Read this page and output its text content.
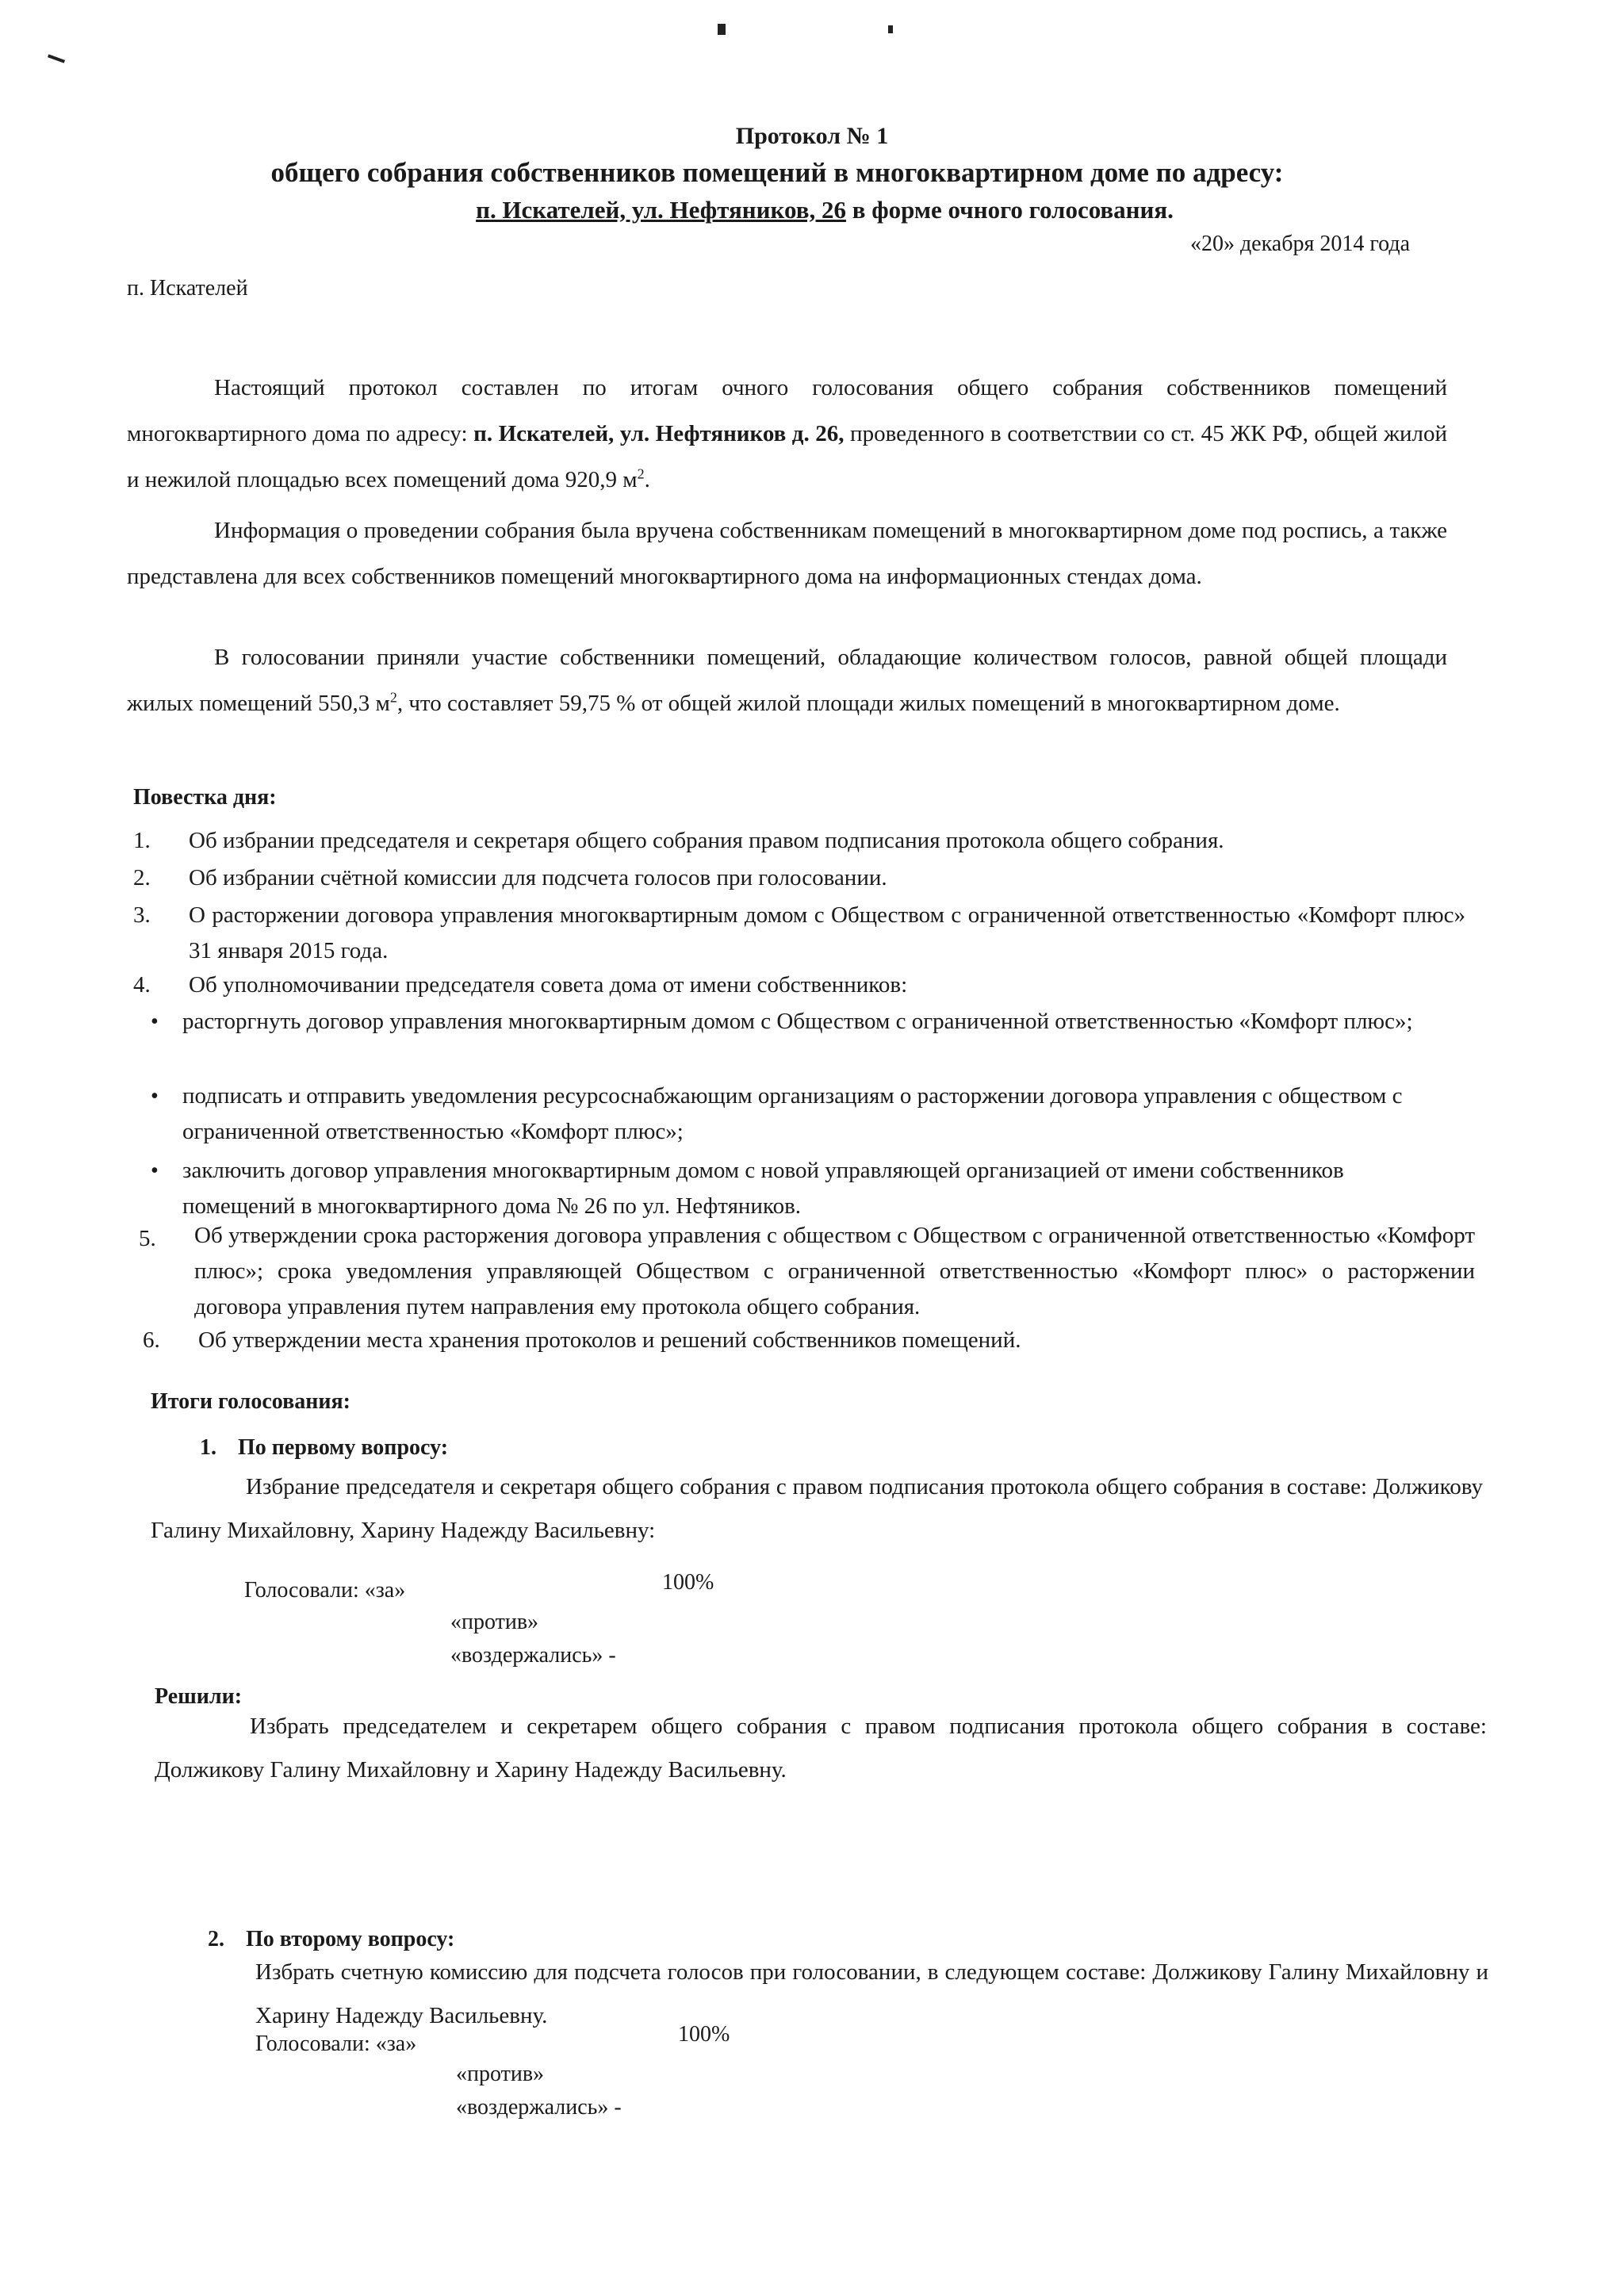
Протокол № 1
общего собрания собственников помещений в многоквартирном доме по адресу:
п. Искателей, ул. Нефтяников, 26 в форме очного голосования.
«20» декабря 2014 года
п. Искателей
Настоящий протокол составлен по итогам очного голосования общего собрания собственников помещений многоквартирного дома по адресу: п. Искателей, ул. Нефтяников д. 26, проведенного в соответствии со ст. 45 ЖК РФ, общей жилой и нежилой площадью всех помещений дома 920,9 $м^2$.
Информация о проведении собрания была вручена собственникам помещений в многоквартирном доме под роспись, а также представлена для всех собственников помещений многоквартирного дома на информационных стендах дома.
В голосовании приняли участие собственники помещений, обладающие количеством голосов, равной общей площади жилых помещений 550,3 $м^2$, что составляет 59,75 % от общей жилой площади жилых помещений в многоквартирном доме.
Повестка дня:
1.	Об избрании председателя и секретаря общего собрания правом подписания протокола общего собрания.
2.	Об избрании счётной комиссии для подсчета голосов при голосовании.
3.	О расторжении договора управления многоквартирным домом с Обществом с ограниченной ответственностью «Комфорт плюс» 31 января 2015 года.
4.	Об уполномочивании председателя совета дома от имени собственников:
• расторгнуть договор управления многоквартирным домом с Обществом с ограниченной ответственностью «Комфорт плюс»;
• подписать и отправить уведомления ресурсоснабжающим организациям о расторжении договора управления с обществом с ограниченной ответственностью «Комфорт плюс»;
• заключить договор управления многоквартирным домом с новой управляющей организацией от имени собственников помещений в многоквартирного дома № 26 по ул. Нефтяников.
5.	Об утверждении срока расторжения договора управления с обществом с Обществом с ограниченной ответственностью «Комфорт плюс»; срока уведомления управляющей Обществом с ограниченной ответственностью «Комфорт плюс» о расторжении договора управления путем направления ему протокола общего собрания.
6.	Об утверждении места хранения протоколов и решений собственников помещений.
Итоги голосования:
1. По первому вопросу:
Избрание председателя и секретаря общего собрания с правом подписания протокола общего собрания в составе: Должикову Галину Михайловну, Харину Надежду Васильевну:
Голосовали: «за»	100%
«против»
«воздержались» -
Решили:
Избрать председателем и секретарем общего собрания с правом подписания протокола общего собрания в составе: Должикову Галину Михайловну и Харину Надежду Васильевну.
2. По второму вопросу:
Избрать счетную комиссию для подсчета голосов при голосовании, в следующем составе: Должикову Галину Михайловну и Харину Надежду Васильевну.
Голосовали: «за»	100%
«против»
«воздержались» -
